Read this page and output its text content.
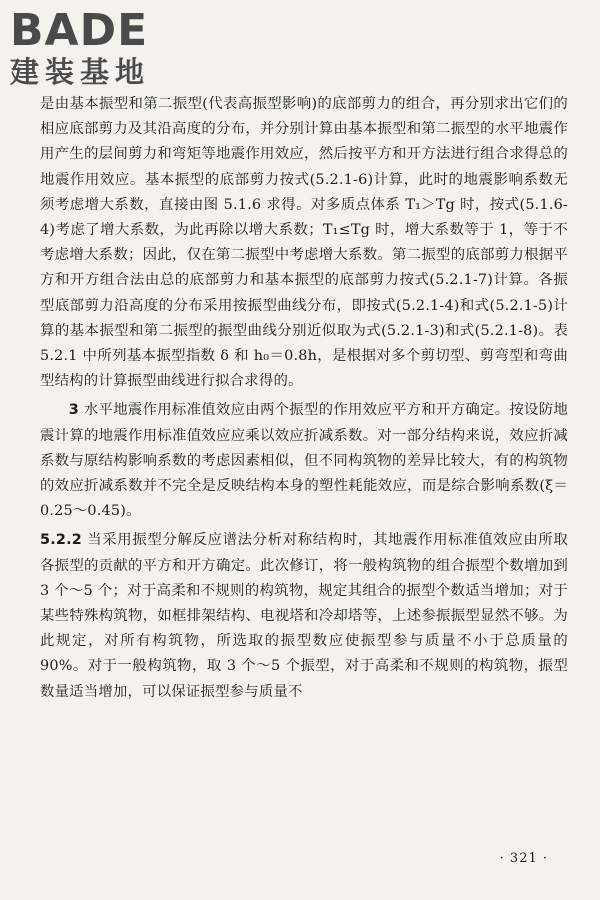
BADE
建装基地

是由基本振型和第二振型(代表高振型影响)的底部剪力的组合，再分别求出它们的相应底部剪力及其沿高度的分布，并分别计算由基本振型和第二振型的水平地震作用产生的层间剪力和弯矩等地震作用效应，然后按平方和开方法进行组合求得总的地震作用效应。基本振型的底部剪力按式(5.2.1-6)计算，此时的地震影响系数无须考虑增大系数，直接由图 5.1.6 求得。对多质点体系 T₁＞Tg 时，按式(5.1.6-4)考虑了增大系数，为此再除以增大系数；T₁≤Tg 时，增大系数等于 1，等于不考虑增大系数；因此，仅在第二振型中考虑增大系数。第二振型的底部剪力根据平方和开方组合法由总的底部剪力和基本振型的底部剪力按式(5.2.1-7)计算。各振型底部剪力沿高度的分布采用按振型曲线分布，即按式(5.2.1-4)和式(5.2.1-5)计算的基本振型和第二振型的振型曲线分别近似取为式(5.2.1-3)和式(5.2.1-8)。表 5.2.1 中所列基本振型指数 δ 和 h₀＝0.8h，是根据对多个剪切型、剪弯型和弯曲型结构的计算振型曲线进行拟合求得的。

3 水平地震作用标准值效应由两个振型的作用效应平方和开方确定。按设防地震计算的地震作用标准值效应应乘以效应折减系数。对一部分结构来说，效应折减系数与原结构影响系数的考虑因素相似，但不同构筑物的差异比较大，有的构筑物的效应折减系数并不完全是反映结构本身的塑性耗能效应，而是综合影响系数(ξ＝0.25～0.45)。

5.2.2 当采用振型分解反应谱法分析对称结构时，其地震作用标准值效应由所取各振型的贡献的平方和开方确定。此次修订，将一般构筑物的组合振型个数增加到 3 个～5 个；对于高柔和不规则的构筑物，规定其组合的振型个数适当增加；对于某些特殊构筑物，如框排架结构、电视塔和冷却塔等，上述参振振型显然不够。为此规定，对所有构筑物，所选取的振型数应使振型参与质量不小于总质量的 90%。对于一般构筑物，取 3 个～5 个振型，对于高柔和不规则的构筑物，振型数量适当增加，可以保证振型参与质量不

· 321 ·
